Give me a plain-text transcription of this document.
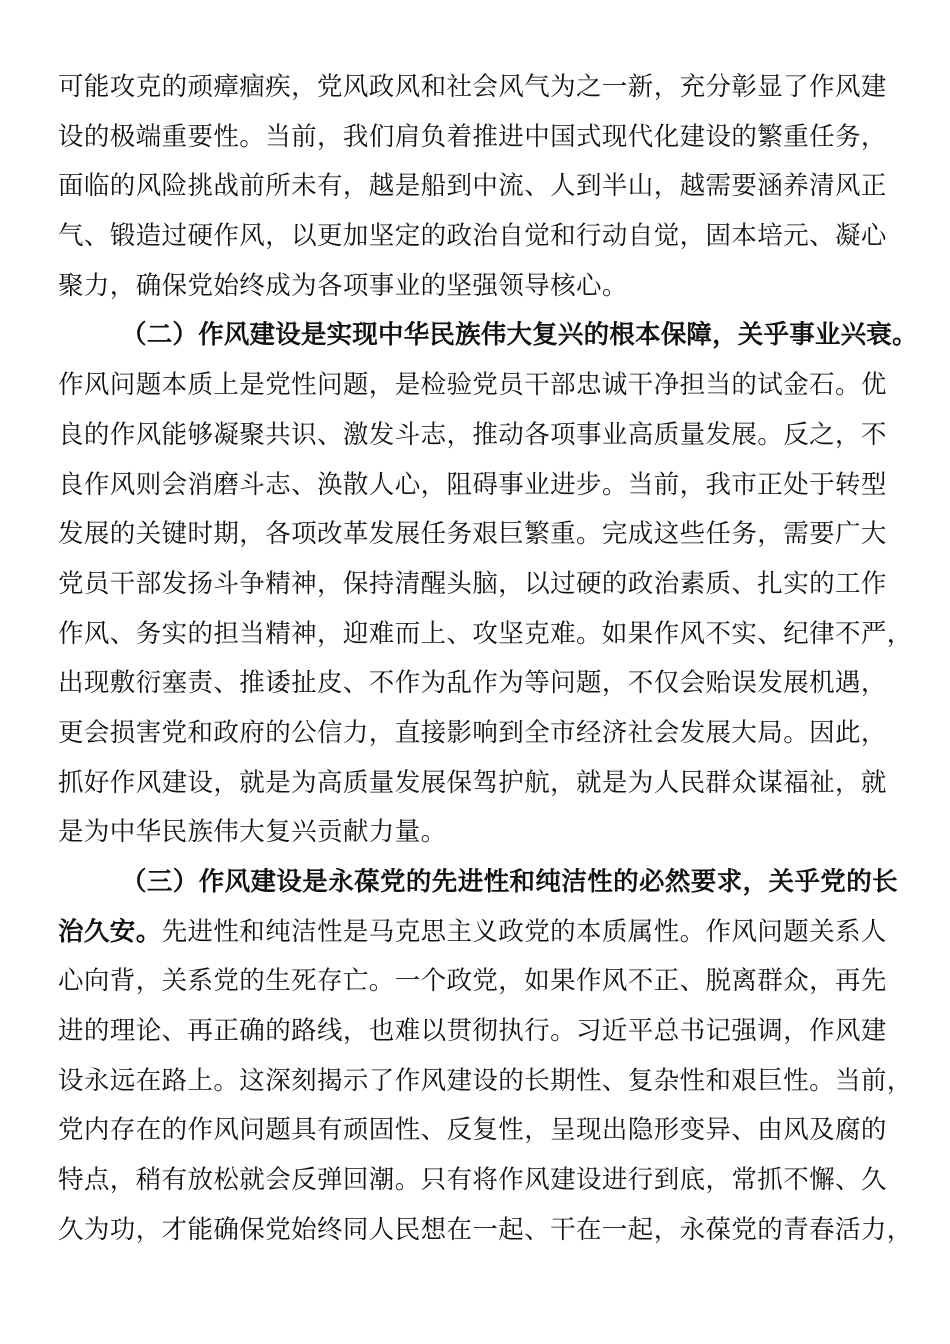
可能攻克的顽瘴痼疾，党风政风和社会风气为之一新，充分彰显了作风建
设的极端重要性。当前，我们肩负着推进中国式现代化建设的繁重任务，
面临的风险挑战前所未有，越是船到中流、人到半山，越需要涵养清风正
气、锻造过硬作风，以更加坚定的政治自觉和行动自觉，固本培元、凝心
聚力，确保党始终成为各项事业的坚强领导核心。
（二）作风建设是实现中华民族伟大复兴的根本保障，关乎事业兴衰。
作风问题本质上是党性问题，是检验党员干部忠诚干净担当的试金石。优
良的作风能够凝聚共识、激发斗志，推动各项事业高质量发展。反之，不
良作风则会消磨斗志、涣散人心，阻碍事业进步。当前，我市正处于转型
发展的关键时期，各项改革发展任务艰巨繁重。完成这些任务，需要广大
党员干部发扬斗争精神，保持清醒头脑，以过硬的政治素质、扎实的工作
作风、务实的担当精神，迎难而上、攻坚克难。如果作风不实、纪律不严，
出现敷衍塞责、推诿扯皮、不作为乱作为等问题，不仅会贻误发展机遇，
更会损害党和政府的公信力，直接影响到全市经济社会发展大局。因此，
抓好作风建设，就是为高质量发展保驾护航，就是为人民群众谋福祉，就
是为中华民族伟大复兴贡献力量。
（三）作风建设是永葆党的先进性和纯洁性的必然要求，关乎党的长
治久安。先进性和纯洁性是马克思主义政党的本质属性。作风问题关系人
心向背，关系党的生死存亡。一个政党，如果作风不正、脱离群众，再先
进的理论、再正确的路线，也难以贯彻执行。习近平总书记强调，作风建
设永远在路上。这深刻揭示了作风建设的长期性、复杂性和艰巨性。当前，
党内存在的作风问题具有顽固性、反复性，呈现出隐形变异、由风及腐的
特点，稍有放松就会反弹回潮。只有将作风建设进行到底，常抓不懈、久
久为功，才能确保党始终同人民想在一起、干在一起，永葆党的青春活力，
